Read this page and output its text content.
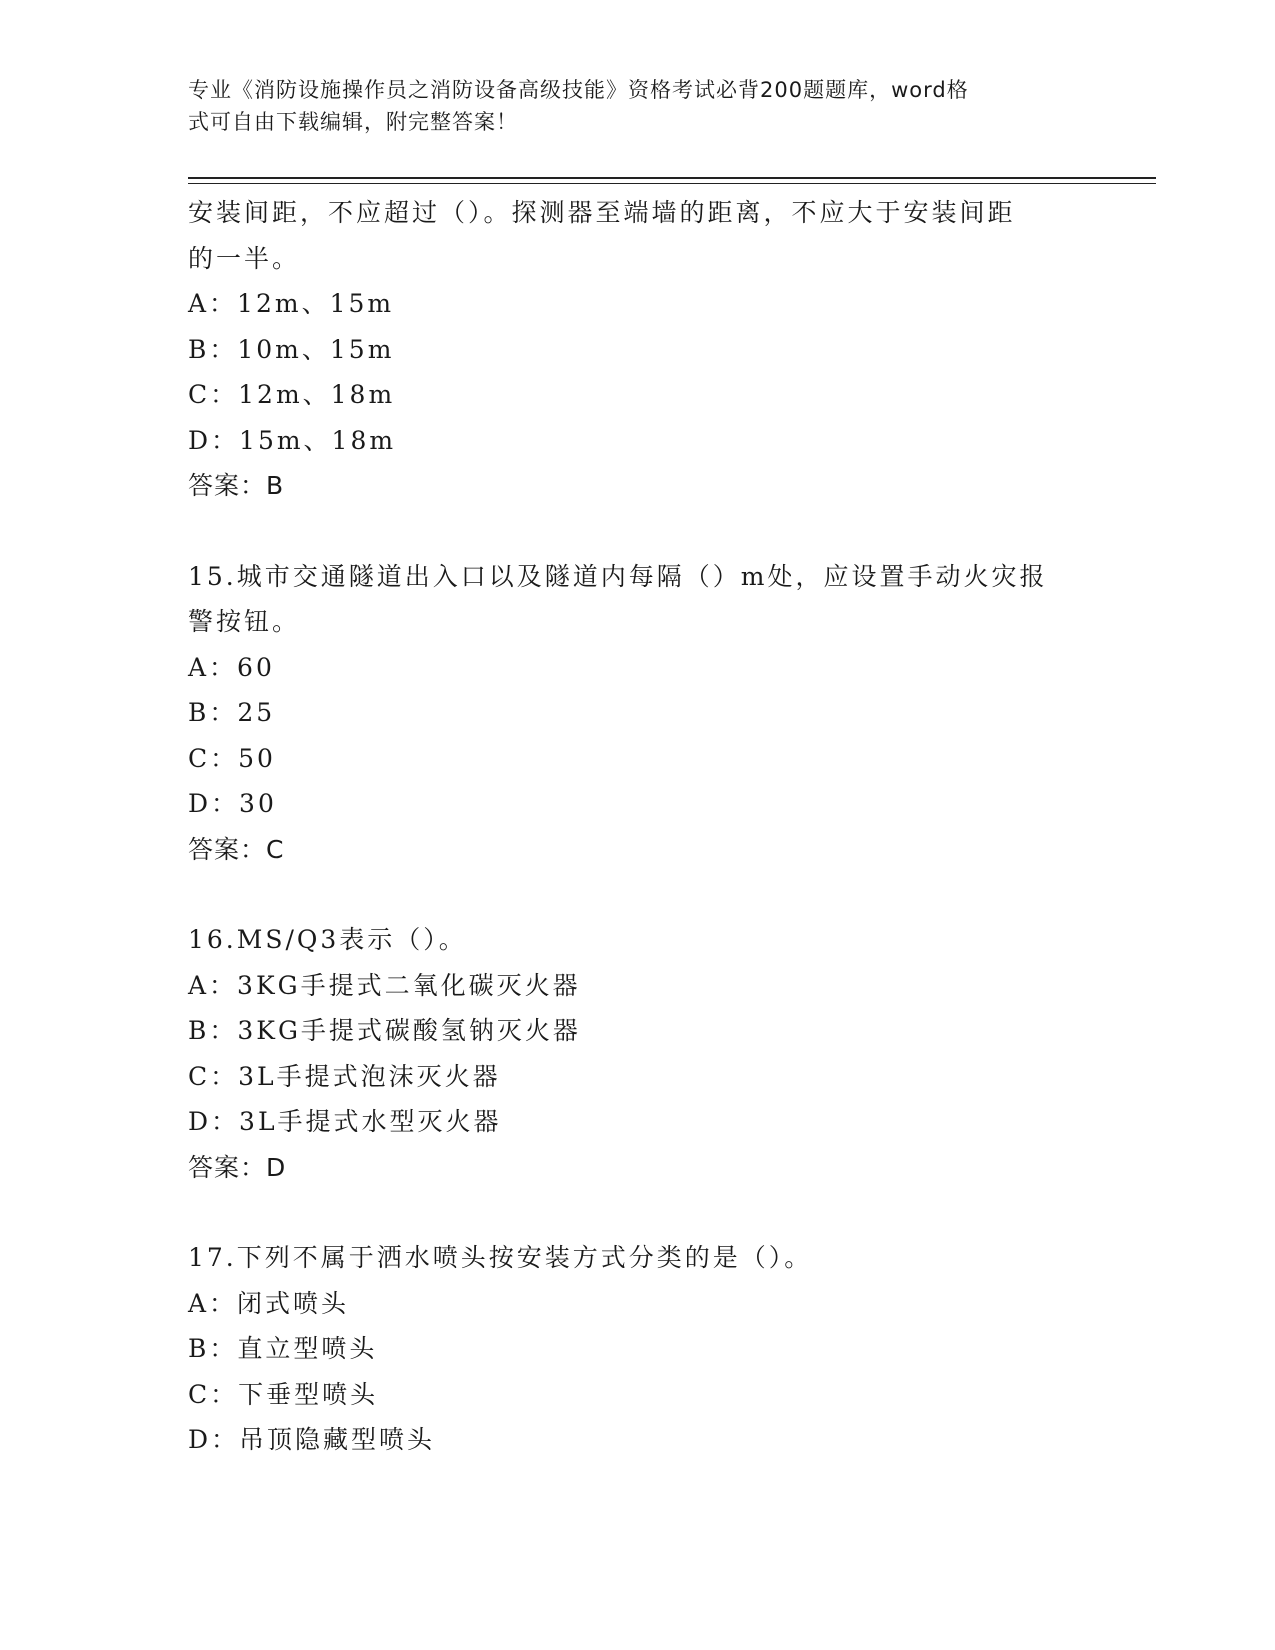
专业《消防设施操作员之消防设备高级技能》资格考试必背200题题库，word格
式可自由下载编辑，附完整答案！
安装间距，不应超过（）。探测器至端墙的距离，不应大于安装间距
的一半。
A：12m、15m
B：10m、15m
C：12m、18m
D：15m、18m
答案：B
15.城市交通隧道出入口以及隧道内每隔（）m处，应设置手动火灾报
警按钮。
A：60
B：25
C：50
D：30
答案：C
16.MS/Q3表示（）。
A：3KG手提式二氧化碳灭火器
B：3KG手提式碳酸氢钠灭火器
C：3L手提式泡沫灭火器
D：3L手提式水型灭火器
答案：D
17.下列不属于洒水喷头按安装方式分类的是（）。
A：闭式喷头
B：直立型喷头
C：下垂型喷头
D：吊顶隐藏型喷头
